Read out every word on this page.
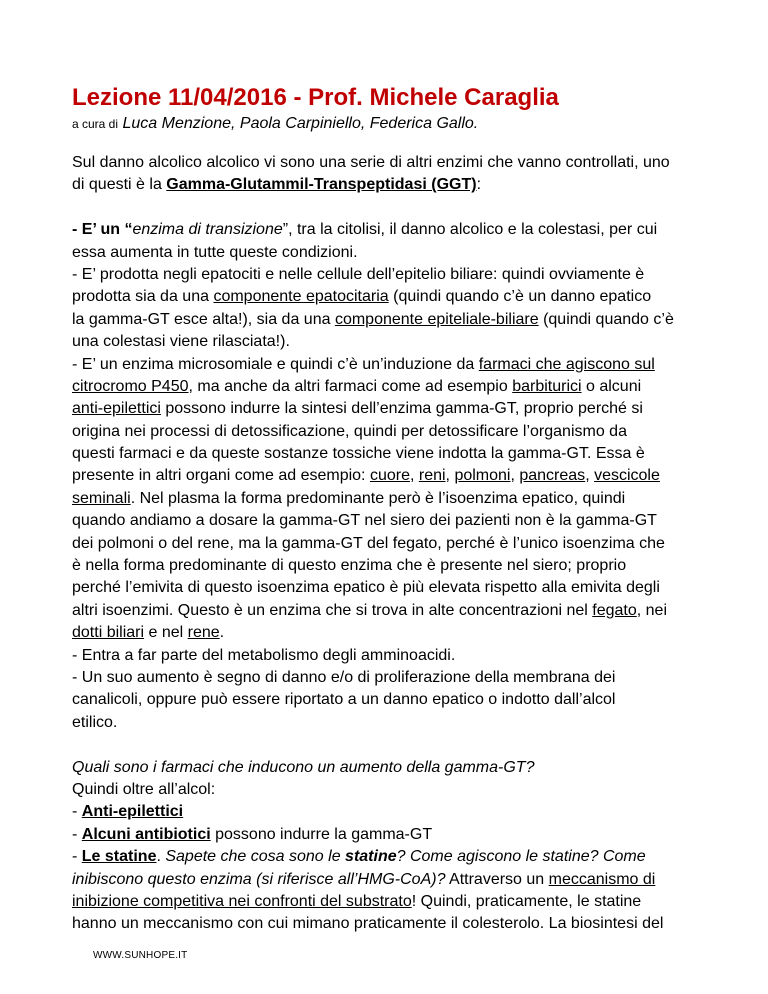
Lezione 11/04/2016 - Prof. Michele Caraglia
a cura di Luca Menzione, Paola Carpiniello, Federica Gallo.
Sul danno alcolico alcolico vi sono una serie di altri enzimi che vanno controllati, uno
di questi è la Gamma-Glutammil-Transpeptidasi (GGT):
- E’ un “enzima di transizione”, tra la citolisi, il danno alcolico e la colestasi, per cui
essa aumenta in tutte queste condizioni.
- E’ prodotta negli epatociti e nelle cellule dell’epitelio biliare: quindi ovviamente è
prodotta sia da una componente epatocitaria (quindi quando c’è un danno epatico
la gamma-GT esce alta!), sia da una componente epiteliale-biliare (quindi quando c’è
una colestasi viene rilasciata!).
- E’ un enzima microsomiale e quindi c’è un’induzione da farmaci che agiscono sul
citrocromo P450, ma anche da altri farmaci come ad esempio barbiturici o alcuni
anti-epilettici possono indurre la sintesi dell’enzima gamma-GT, proprio perché si
origina nei processi di detossificazione, quindi per detossificare l’organismo da
questi farmaci e da queste sostanze tossiche viene indotta la gamma-GT. Essa è
presente in altri organi come ad esempio: cuore, reni, polmoni, pancreas, vescicole
seminali. Nel plasma la forma predominante però è l’isoenzima epatico, quindi
quando andiamo a dosare la gamma-GT nel siero dei pazienti non è la gamma-GT
dei polmoni o del rene, ma la gamma-GT del fegato, perché è l’unico isoenzima che
è nella forma predominante di questo enzima che è presente nel siero; proprio
perché l’emivita di questo isoenzima epatico è più elevata rispetto alla emivita degli
altri isoenzimi. Questo è un enzima che si trova in alte concentrazioni nel fegato, nei
dotti biliari e nel rene.
- Entra a far parte del metabolismo degli amminoacidi.
- Un suo aumento è segno di danno e/o di proliferazione della membrana dei
canalicoli, oppure può essere riportato a un danno epatico o indotto dall’alcol
etilico.
Quali sono i farmaci che inducono un aumento della gamma-GT?
Quindi oltre all’alcol:
- Anti-epilettici
- Alcuni antibiotici possono indurre la gamma-GT
- Le statine. Sapete che cosa sono le statine? Come agiscono le statine? Come
inibiscono questo enzima (si riferisce all’HMG-CoA)? Attraverso un meccanismo di
inibizione competitiva nei confronti del substrato! Quindi, praticamente, le statine
hanno un meccanismo con cui mimano praticamente il colesterolo. La biosintesi del
WWW.SUNHOPE.IT
